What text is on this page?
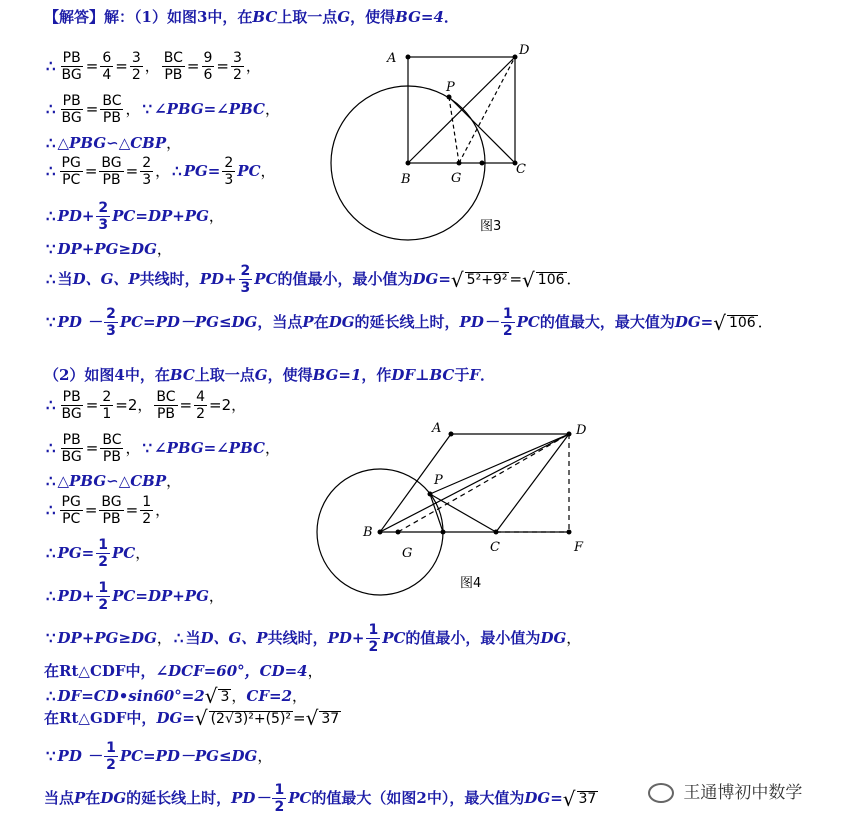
【解答】 解：（1）如图3中，在 BC 上取一点 G ，使得 BG=4 ．
∴ $\frac{PB}{BG} = \frac{6}{4} = \frac{3}{2}$ ， $\frac{BC}{PB} = \frac{9}{6} = \frac{3}{2}$ ，
∴ $\frac{PB}{BG} = \frac{BC}{PB}$ ， ∵ ∠PBG=∠PBC ，
∴ △PBG∽△CBP ，
∴ $\frac{PG}{PC} = \frac{BG}{PB} = \frac{2}{3}$ ， ∴ $PG= \frac{2}{3}$ PC ，
∴ $PD+ \frac{2}{3} PC=DP+PG$ ，
∵ DP+PG≥DG ，
∴ 当 D、G、P 共线时， $PD+ \frac{2}{3}$ PC 的值最小，最小值为 DG= √ 5²+9² = √ 106 ．
∵ PD － $\frac{2}{3} PC=PD-PG\le DG$ ， 当点 P 在 DG 的延长线上时， $PD- \frac{1}{2}$ PC 的值最大，最大值为 DG= √ 106 ．
A
D
P
B	G
C
图3
（2）如图4中，在 BC 上取一点 G ，使得 BG=1 ，作 DF⊥BC 于 F ．
∴ $\frac{PB}{BG} = \frac{2}{1} =2$ ， $\frac{BC}{PB} = \frac{4}{2} =2$ ，
∴ $\frac{PB}{BG} = \frac{BC}{PB}$ ， ∵ ∠PBG=∠PBC ，
∴ △PBG∽△CBP ，
∴ $\frac{PG}{PC} = \frac{BG}{PB} = \frac{1}{2}$ ，
∴ $PG= \frac{1}{2}$ PC ，
∴ $PD+ \frac{1}{2} PC=DP+PG$ ，
∵ DP+PG≥DG ， ∴ 当 D、G、P 共线时， $PD+ \frac{1}{2}$ PC 的值最小，最小值为 DG ，
在 Rt△CDF 中， ∠DCF=60°，CD=4 ，
∴ DF=CD•sin60°=2 √ 3 ， CF=2 ，
在 Rt△GDF 中， DG= √ (2√3)²+(5)² = √ 37
∵ PD － $\frac{1}{2} PC=PD-PG\le DG$ ，
当点 P 在 DG 的延长线上时， $PD- \frac{1}{2}$ PC 的值最大（如图2中），最大值为 DG= √ 37
A	D
P
B
G	C	F
图4
王通博初中数学
